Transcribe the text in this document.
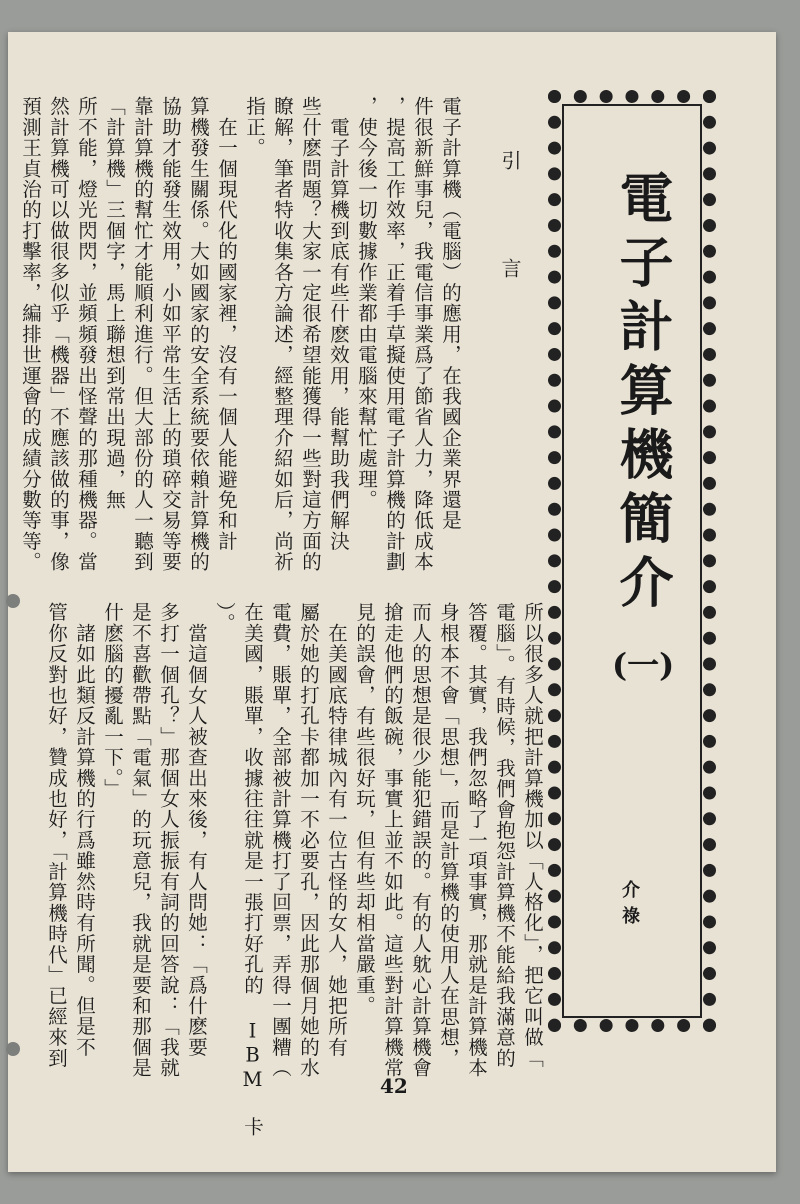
電子計算機簡介
(一)
介祿
引言
電子計算機（電腦）的應用，在我國企業界還是
件很新鮮事兒，我電信事業爲了節省人力，降低成本
，提高工作效率，正着手草擬使用電子計算機的計劃
，使今後一切數據作業都由電腦來幫忙處理。
　電子計算機到底有些什麽效用，能幫助我們解決
些什麽問題？大家一定很希望能獲得一些對這方面的
瞭解，筆者特收集各方論述，經整理介紹如后，尚祈
指正。
　在一個現代化的國家裡，沒有一個人能避免和計
算機發生關係。大如國家的安全系統要依賴計算機的
協助才能發生效用，小如平常生活上的瑣碎交易等要
靠計算機的幫忙才能順利進行。但大部份的人一聽到
「計算機」三個字，馬上聯想到常出現過，無
所不能，燈光閃閃，並頻頻發出怪聲的那種機器。當
然計算機可以做很多似乎「機器」不應該做的事，像
預測王貞治的打擊率，編排世運會的成績分數等等。
所以很多人就把計算機加以「人格化」，把它叫做「
電腦」。有時候，我們會抱怨計算機不能給我滿意的
答覆。其實，我們忽略了一項事實，那就是計算機本
身根本不會「思想」，而是計算機的使用人在思想，
而人的思想是很少能犯錯誤的。有的人躭心計算機會
搶走他們的飯碗，事實上並不如此。這些對計算機常
見的誤會，有些很好玩，但有些却相當嚴重。
　在美國底特律城內有一位古怪的女人，她把所有
屬於她的打孔卡都加一不必要孔，因此那個月她的水
電費，賬單，全部被計算機打了回票，弄得一團糟（
在美國，賬單，收據往往就是一張打好孔的 IBM
）。
　當這個女人被查出來後，有人問她：「爲什麽要
多打一個孔？」那個女人振振有詞的回答說：「我就
是不喜歡帶點「電氣」的玩意兒，我就是要和那個是
什麽腦的擾亂一下。」
　諸如此類反計算機的行爲雖然時有所聞。但是不
管你反對也好，贊成也好，「計算機時代」已經來到
42
